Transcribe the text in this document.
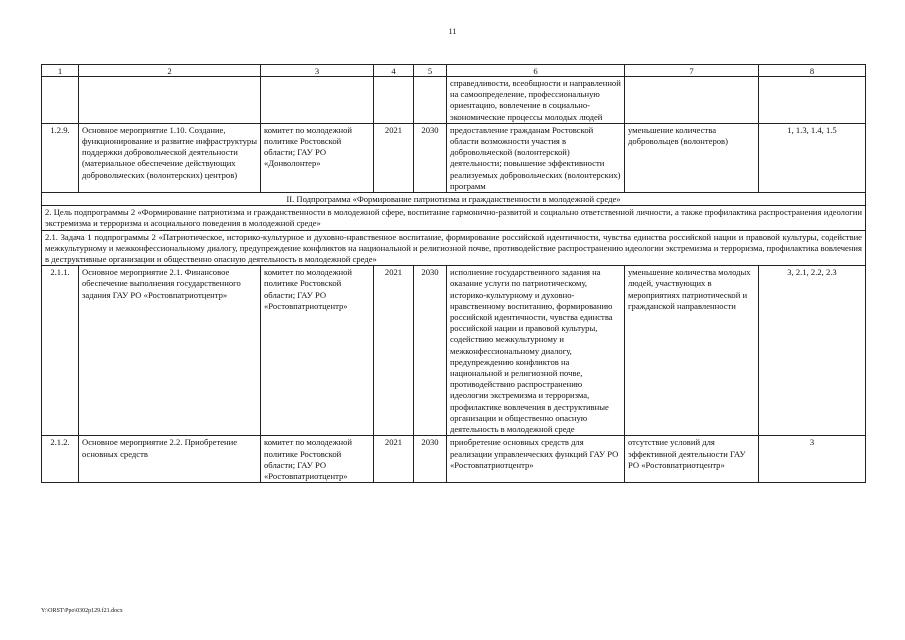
11
1	2	3	4	5	6	7	8
					справедливости, всеобщности и направленной на самоопределение, профессиональную ориентацию, вовлечение в социально-экономические процессы молодых людей		
1.2.9.	Основное мероприятие 1.10. Создание, функционирование и развитие инфраструктуры поддержки добровольческой деятельности (материальное обеспечение действующих добровольческих (волонтерских) центров)	комитет по молодежной политике Ростовской области; ГАУ РО «Донволонтер»	2021	2030	предоставление гражданам Ростовской области возможности участия в добровольческой (волонтерской) деятельности; повышение эффективности реализуемых добровольческих (волонтерских) программ	уменьшение количества добровольцев (волонтеров)	1, 1.3, 1.4, 1.5
II. Подпрограмма «Формирование патриотизма и гражданственности в молодежной среде»							
2. Цель подпрограммы 2 «Формирование патриотизма и гражданственности в молодежной сфере, воспитание гармонично-развитой и социально ответственной личности, а также профилактика распространения идеологии экстремизма и терроризма и асоциального поведения в молодежной среде»							
2.1. Задача 1 подпрограммы 2 «Патриотическое, историко-культурное и духовно-нравственное воспитание, формирование российской идентичности, чувства единства российской нации и правовой культуры, содействие межкультурному и межконфессиональному диалогу, предупреждение конфликтов на национальной и религиозной почве, противодействие распространению идеологии экстремизма и терроризма, профилактика вовлечения в деструктивные организации и общественно опасную деятельность в молодежной среде»							
2.1.1.	Основное мероприятие 2.1. Финансовое обеспечение выполнения государственного задания ГАУ РО «Ростовпатриотцентр»	комитет по молодежной политике Ростовской области; ГАУ РО «Ростовпатриотцентр»	2021	2030	исполнение государственного задания на оказание услуги по патриотическому, историко-культурному и духовно-нравственному воспитанию, формированию российской идентичности, чувства единства российской нации и правовой культуры, содействию межкультурному и межконфессиональному диалогу, предупреждению конфликтов на национальной и религиозной почве, противодействию распространению идеологии экстремизма и терроризма, профилактике вовлечения в деструктивные организации и общественно опасную деятельность в молодежной среде	уменьшение количества молодых людей, участвующих в мероприятиях патриотической и гражданской направленности	3, 2.1, 2.2, 2.3
2.1.2.	Основное мероприятие 2.2. Приобретение основных средств	комитет по молодежной политике Ростовской области; ГАУ РО «Ростовпатриотцентр»	2021	2030	приобретение основных средств для реализации управленческих функций ГАУ РО «Ростовпатриотцентр»	отсутствие условий для эффективной деятельности ГАУ РО «Ростовпатриотцентр»	3
Y:\ORST\Ppo\0302p129.f21.docx
